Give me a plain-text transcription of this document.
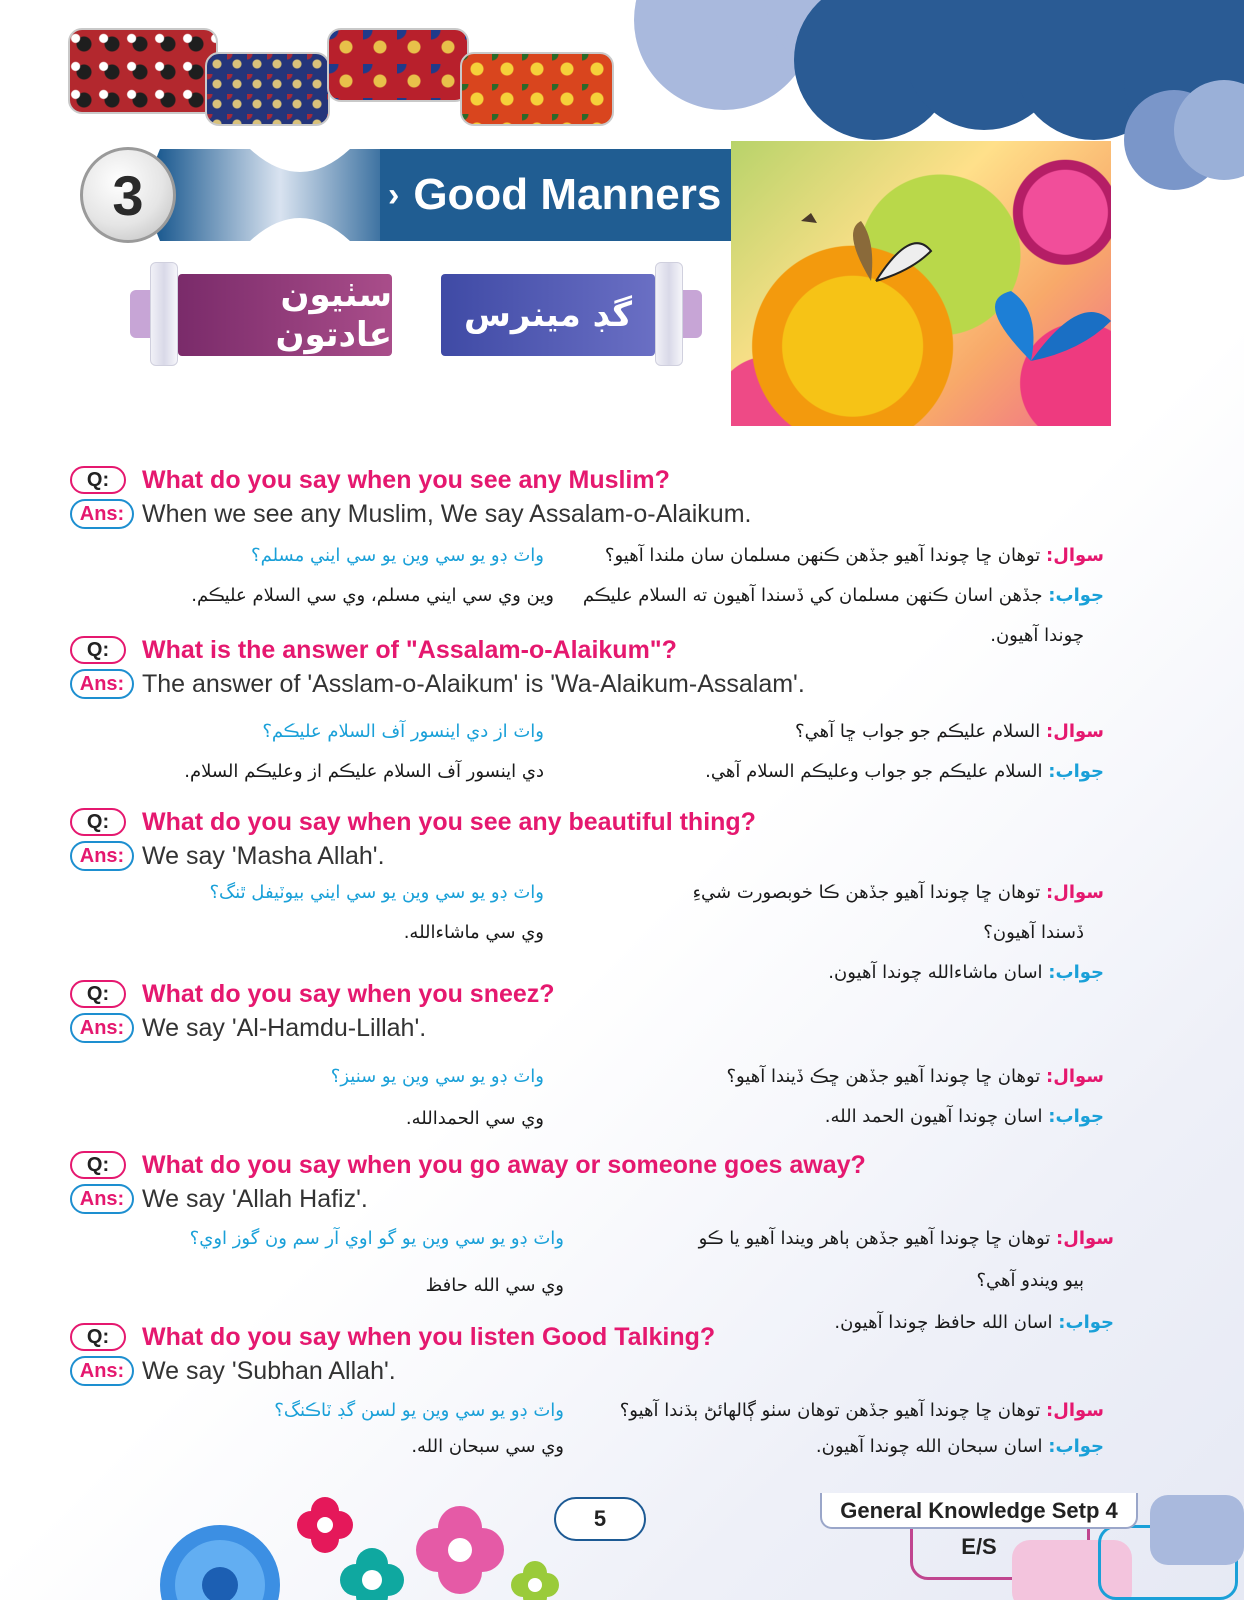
3	› Good Manners
سٺيون عادتون	گڊ مينرس
Q:	What do you say when you see any Muslim?
Ans: When we see any Muslim, We say Assalam-o-Alaikum.
سوال: توهان ڇا چوندا آهيو جڏهن ڪنهن مسلمان سان ملندا آهيو؟
واٽ ڊو يو سي وين يو سي ايني مسلم؟
جواب: جڏهن اسان ڪنهن مسلمان کي ڏسندا آهيون ته السلام عليڪم
چوندا آهيون.
وين وي سي ايني مسلم، وي سي السلام عليڪم.
Q:	What is the answer of "Assalam-o-Alaikum"?
Ans: The answer of 'Asslam-o-Alaikum' is 'Wa-Alaikum-Assalam'.
سوال: السلام عليڪم جو جواب ڇا آهي؟
واٽ از دي اينسور آف السلام عليڪم؟
جواب: السلام عليڪم جو جواب وعليڪم السلام آهي.
دي اينسور آف السلام عليڪم از وعليڪم السلام.
Q:	What do you say when you see any beautiful thing?
Ans: We say 'Masha Allah'.
سوال: توهان ڇا چوندا آهيو جڏهن ڪا خوبصورت شيءِ
ڏسندا آهيون؟
جواب: اسان ماشاءالله چوندا آهيون.
واٽ ڊو يو سي وين يو سي ايني بيوٽيفل ٿنگ؟
وي سي ماشاءالله.
Q:	What do you say when you sneez?
Ans: We say 'Al-Hamdu-Lillah'.
سوال: توهان ڇا چوندا آهيو جڏهن ڇڪ ڏيندا آهيو؟
واٽ ڊو يو سي وين يو سنيز؟
جواب: اسان چوندا آهيون الحمد الله.
وي سي الحمدالله.
Q:	What do you say when you go away or someone goes away?
Ans: We say 'Allah Hafiz'.
سوال: توهان ڇا چوندا آهيو جڏهن ٻاهر ويندا آهيو يا ڪو
ٻيو ويندو آهي؟
جواب: اسان الله حافظ چوندا آهيون.
واٽ ڊو يو سي وين يو گو اوي آر سم ون گوز اوي؟
وي سي الله حافظ
Q:	What do you say when you listen Good Talking?
Ans: We say 'Subhan Allah'.
سوال: توهان ڇا چوندا آهيو جڏهن توهان سٺو ڳالهائڻ ٻڌندا آهيو؟
جواب: اسان سبحان الله چوندا آهيون.
واٽ ڊو يو سي وين يو لسن گڊ ٽاڪنگ؟
وي سي سبحان الله.
5	General Knowledge Setp 4 E/S
